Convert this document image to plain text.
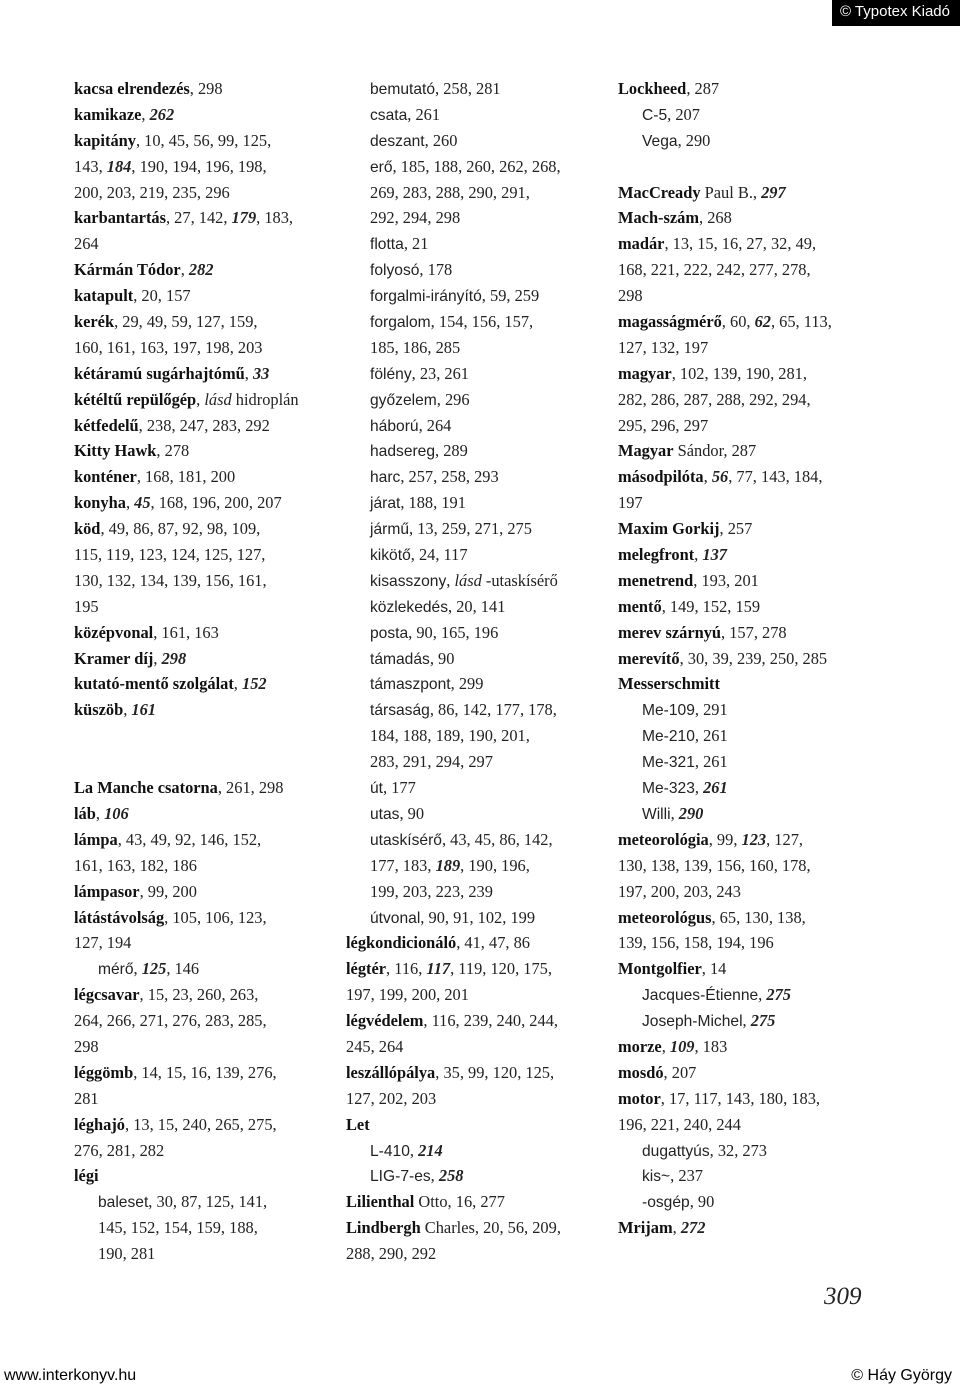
© Typotex Kiadó
kacsa elrendezés, 298
kamikaze, 262
kapitány, 10, 45, 56, 99, 125,
143, 184, 190, 194, 196, 198,
200, 203, 219, 235, 296
karbantartás, 27, 142, 179, 183,
264
Kármán Tódor, 282
katapult, 20, 157
kerék, 29, 49, 59, 127, 159,
160, 161, 163, 197, 198, 203
kétáramú sugárhajtómű, 33
kétéltű repülőgép, lásd hidroplán
kétfedelű, 238, 247, 283, 292
Kitty Hawk, 278
konténer, 168, 181, 200
konyha, 45, 168, 196, 200, 207
köd, 49, 86, 87, 92, 98, 109,
115, 119, 123, 124, 125, 127,
130, 132, 134, 139, 156, 161,
195
középvonal, 161, 163
Kramer díj, 298
kutató-mentő szolgálat, 152
küszöb, 161
La Manche csatorna, 261, 298
láb, 106
lámpa, 43, 49, 92, 146, 152,
161, 163, 182, 186
lámpasor, 99, 200
látástávolság, 105, 106, 123,
127, 194
mérő, 125, 146
légcsavar, 15, 23, 260, 263,
264, 266, 271, 276, 283, 285,
298
léggömb, 14, 15, 16, 139, 276,
281
léghajó, 13, 15, 240, 265, 275,
276, 281, 282
légi
baleset, 30, 87, 125, 141,
145, 152, 154, 159, 188,
190, 281
bemutató, 258, 281
csata, 261
deszant, 260
erő, 185, 188, 260, 262, 268,
269, 283, 288, 290, 291,
292, 294, 298
flotta, 21
folyosó, 178
forgalmi-irányító, 59, 259
forgalom, 154, 156, 157,
185, 186, 285
fölény, 23, 261
győzelem, 296
háború, 264
hadsereg, 289
harc, 257, 258, 293
járat, 188, 191
jármű, 13, 259, 271, 275
kikötő, 24, 117
kisasszony, lásd -utaskísérő
közlekedés, 20, 141
posta, 90, 165, 196
támadás, 90
támaszpont, 299
társaság, 86, 142, 177, 178,
184, 188, 189, 190, 201,
283, 291, 294, 297
út, 177
utas, 90
utaskísérő, 43, 45, 86, 142,
177, 183, 189, 190, 196,
199, 203, 223, 239
útvonal, 90, 91, 102, 199
légkondicionáló, 41, 47, 86
légtér, 116, 117, 119, 120, 175,
197, 199, 200, 201
légvédelem, 116, 239, 240, 244,
245, 264
leszállópálya, 35, 99, 120, 125,
127, 202, 203
Let
L-410, 214
LIG-7-es, 258
Lilienthal Otto, 16, 277
Lindbergh Charles, 20, 56, 209,
288, 290, 292
Lockheed, 287
C-5, 207
Vega, 290
MacCready Paul B., 297
Mach-szám, 268
madár, 13, 15, 16, 27, 32, 49,
168, 221, 222, 242, 277, 278,
298
magasságmérő, 60, 62, 65, 113,
127, 132, 197
magyar, 102, 139, 190, 281,
282, 286, 287, 288, 292, 294,
295, 296, 297
Magyar Sándor, 287
másodpilóta, 56, 77, 143, 184,
197
Maxim Gorkij, 257
melegfront, 137
menetrend, 193, 201
mentő, 149, 152, 159
merev szárnyú, 157, 278
merevítő, 30, 39, 239, 250, 285
Messerschmitt
Me-109, 291
Me-210, 261
Me-321, 261
Me-323, 261
Willi, 290
meteorológia, 99, 123, 127,
130, 138, 139, 156, 160, 178,
197, 200, 203, 243
meteorológus, 65, 130, 138,
139, 156, 158, 194, 196
Montgolfier, 14
Jacques-Étienne, 275
Joseph-Michel, 275
morze, 109, 183
mosdó, 207
motor, 17, 117, 143, 180, 183,
196, 221, 240, 244
dugattyús, 32, 273
kis~, 237
-osgép, 90
Mrijam, 272
309
www.interkonyv.hu	© Háy György
